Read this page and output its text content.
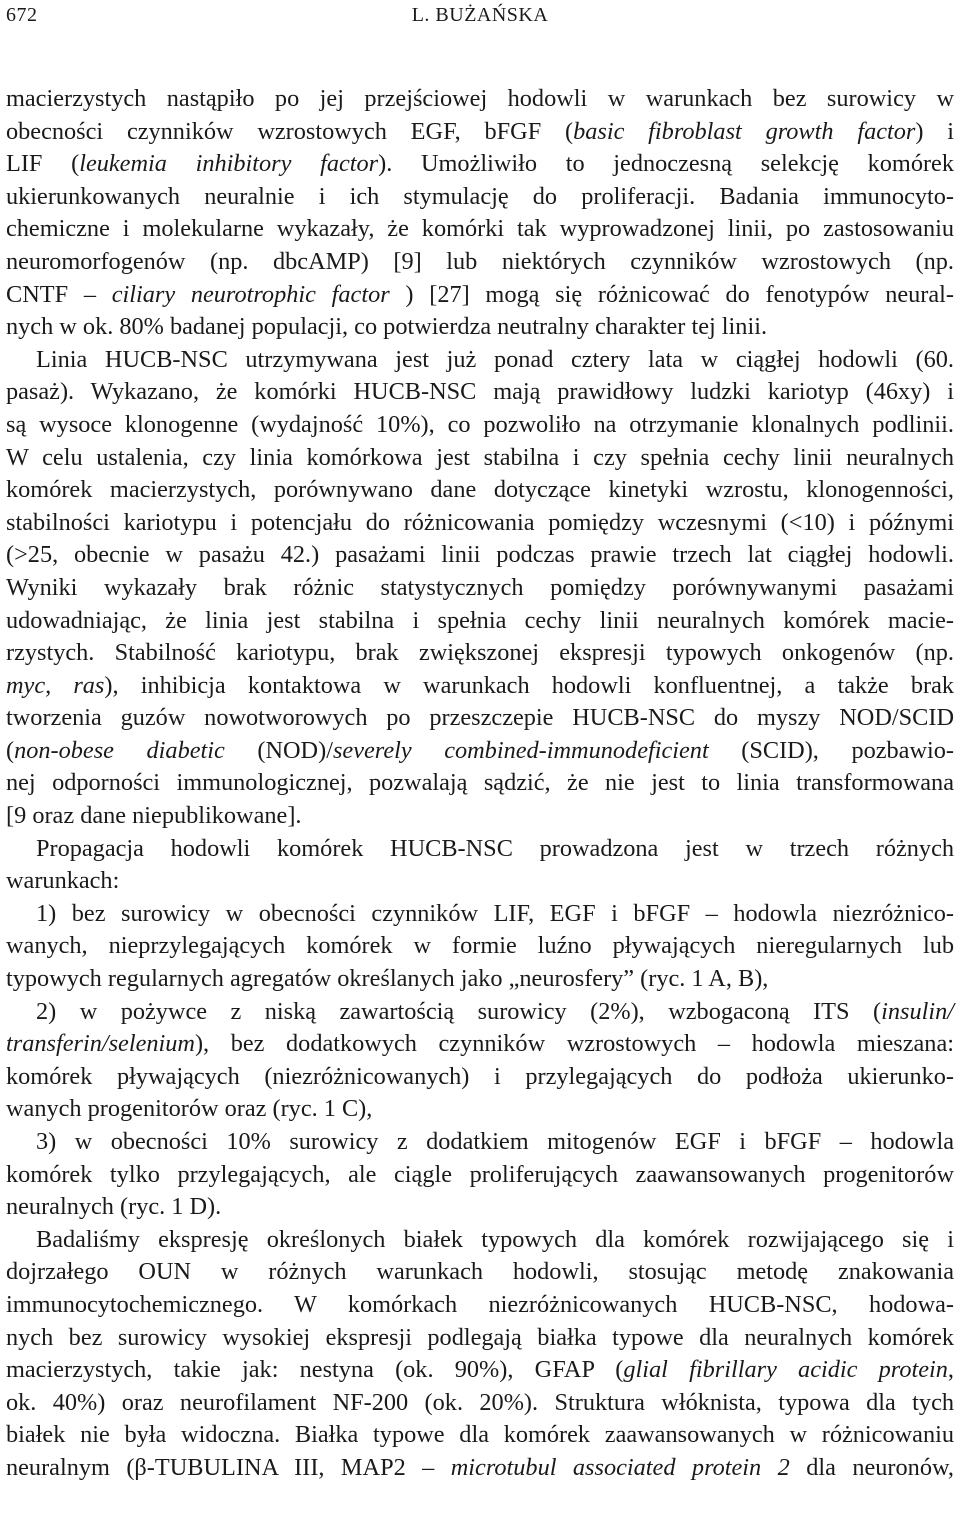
672	L. BUŻAŃSKA
macierzystych nastąpiło po jej przejściowej hodowli w warunkach bez surowicy w
obecności czynników wzrostowych EGF, bFGF (basic fibroblast growth factor) i
LIF (leukemia inhibitory factor). Umożliwiło to jednoczesną selekcję komórek
ukierunkowanych neuralnie i ich stymulację do proliferacji. Badania immunocyto-
chemiczne i molekularne wykazały, że komórki tak wyprowadzonej linii, po zastosowaniu
neuromorfogenów (np. dbcAMP) [9] lub niektórych czynników wzrostowych (np.
CNTF – ciliary neurotrophic factor ) [27] mogą się różnicować do fenotypów neural-
nych w ok. 80% badanej populacji, co potwierdza neutralny charakter tej linii.
Linia HUCB-NSC utrzymywana jest już ponad cztery lata w ciągłej hodowli (60.
pasaż). Wykazano, że komórki HUCB-NSC mają prawidłowy ludzki kariotyp (46xy) i
są wysoce klonogenne (wydajność 10%), co pozwoliło na otrzymanie klonalnych podlinii.
W celu ustalenia, czy linia komórkowa jest stabilna i czy spełnia cechy linii neuralnych
komórek macierzystych, porównywano dane dotyczące kinetyki wzrostu, klonogenności,
stabilności kariotypu i potencjału do różnicowania pomiędzy wczesnymi (<10) i późnymi
(>25, obecnie w pasażu 42.) pasażami linii podczas prawie trzech lat ciągłej hodowli.
Wyniki wykazały brak różnic statystycznych pomiędzy porównywanymi pasażami
udowadniając, że linia jest stabilna i spełnia cechy linii neuralnych komórek macie-
rzystych. Stabilność kariotypu, brak zwiększonej ekspresji typowych onkogenów (np.
myc, ras), inhibicja kontaktowa w warunkach hodowli konfluentnej, a także brak
tworzenia guzów nowotworowych po przeszczepie HUCB-NSC do myszy NOD/SCID
(non-obese diabetic (NOD)/severely combined-immunodeficient (SCID), pozbawio-
nej odporności immunologicznej, pozwalają sądzić, że nie jest to linia transformowana
[9 oraz dane niepublikowane].
Propagacja hodowli komórek HUCB-NSC prowadzona jest w trzech różnych
warunkach:
1) bez surowicy w obecności czynników LIF, EGF i bFGF – hodowla niezróżnico-
wanych, nieprzylegających komórek w formie luźno pływających nieregularnych lub
typowych regularnych agregatów określanych jako „neurosfery” (ryc. 1 A, B),
2) w pożywce z niską zawartością surowicy (2%), wzbogaconą ITS (insulin/
transferin/selenium), bez dodatkowych czynników wzrostowych – hodowla mieszana:
komórek pływających (niezróżnicowanych) i przylegających do podłoża ukierunko-
wanych progenitorów oraz (ryc. 1 C),
3) w obecności 10% surowicy z dodatkiem mitogenów EGF i bFGF – hodowla
komórek tylko przylegających, ale ciągle proliferujących zaawansowanych progenitorów
neuralnych (ryc. 1 D).
Badaliśmy ekspresję określonych białek typowych dla komórek rozwijającego się i
dojrzałego OUN w różnych warunkach hodowli, stosując metodę znakowania
immunocytochemicznego. W komórkach niezróżnicowanych HUCB-NSC, hodowa-
nych bez surowicy wysokiej ekspresji podlegają białka typowe dla neuralnych komórek
macierzystych, takie jak: nestyna (ok. 90%), GFAP (glial fibrillary acidic protein,
ok. 40%) oraz neurofilament NF-200 (ok. 20%). Struktura włóknista, typowa dla tych
białek nie była widoczna. Białka typowe dla komórek zaawansowanych w różnicowaniu
neuralnym (β-TUBULINA III, MAP2 – microtubul associated protein 2 dla neuronów,
